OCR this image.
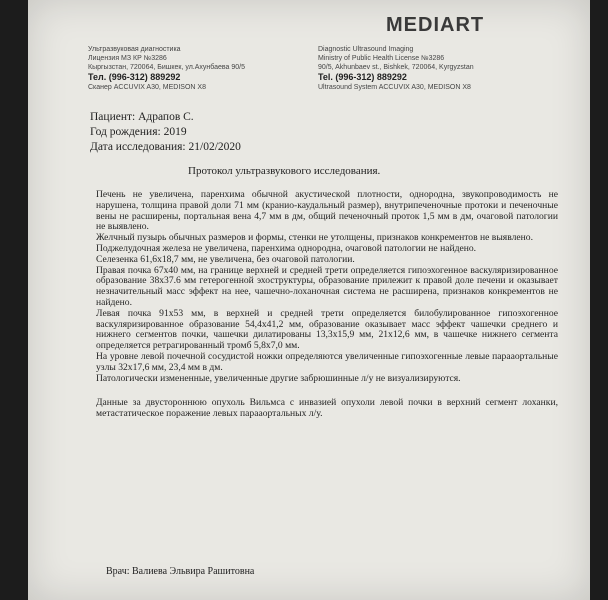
MEDIART
Ультразвуковая диагностика
Лицензия МЗ КР №3286
Кыргызстан, 720064, Бишкек, ул.Ахунбаева 90/5
Тел. (996-312) 889292
Сканер ACCUVIX A30, MEDISON X8
Diagnostic Ultrasound Imaging
Ministry of Public Health License №3286
90/5, Akhunbaev st., Bishkek, 720064, Kyrgyzstan
Tel. (996-312) 889292
Ultrasound System ACCUVIX A30, MEDISON X8
Пациент: Адрапов С.
Год рождения: 2019
Дата исследования: 21/02/2020
Протокол ультразвукового исследования.

Печень не увеличена, паренхима обычной акустической плотности, однородна, звукопроводимость не нарушена, толщина правой доли 71 мм (кранио-каудальный размер), внутрипеченочные протоки и печеночные вены не расширены, портальная вена 4,7 мм в дм, общий печеночный проток 1,5 мм в дм, очаговой патологии не выявлено.

Желчный пузырь обычных размеров и формы, стенки не утолщены, признаков конкрементов не выявлено.

Поджелудочная железа не увеличена, паренхима однородна, очаговой патологии не найдено.

Селезенка 61,6х18,7 мм, не увеличена, без очаговой патологии.

Правая почка 67х40 мм, на границе верхней и средней трети определяется гипоэхогенное васкуляризированное образование 38х37.6 мм гетерогенной эхоструктуры, образование прилежит к правой доле печени и оказывает незначительный масс эффект на нее, чашечно-лоханочная система не расширена, признаков конкрементов не найдено.

Левая почка 91х53 мм, в верхней и средней трети определяется билобулированное гипоэхогенное васкуляризированное образование 54,4х41,2 мм, образование оказывает масс эффект чашечки среднего и нижнего сегментов почки, чашечки дилатированы 13,3х15,9 мм, 21х12,6 мм, в чашечке нижнего сегмента определяется ретрагированный тромб 5,8х7,0 мм.

На уровне левой почечной сосудистой ножки определяются увеличенные гипоэхогенные левые парааортальные узлы 32х17,6 мм, 23,4 мм в дм.

Патологически измененные, увеличенные другие забрюшинные л/у не визуализируются.

Данные за двустороннюю опухоль Вильмса с инвазией опухоли левой почки в верхний сегмент лоханки, метастатическое поражение левых парааортальных л/у.

Врач: Валиева Эльвира Рашитовна
